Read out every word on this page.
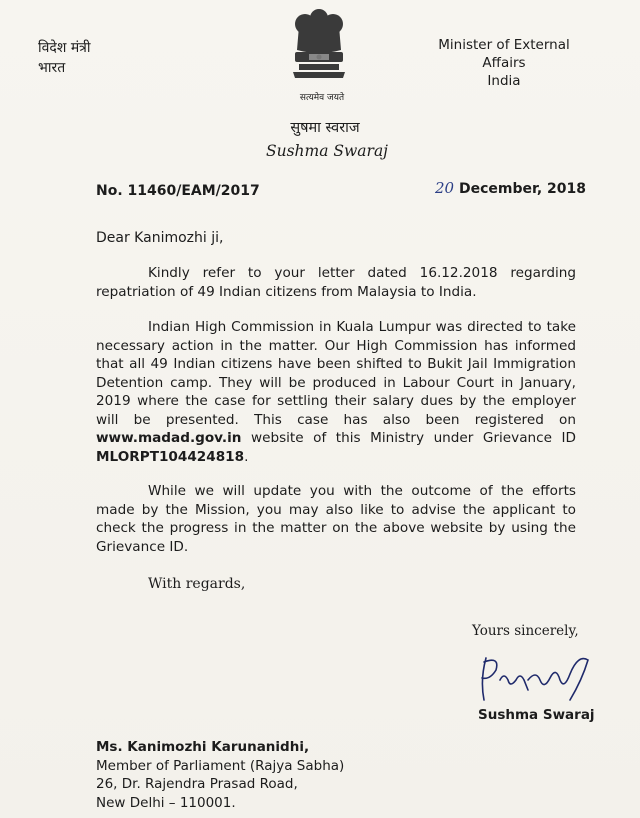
विदेश मंत्री
भारत
सत्यमेव जयते
Minister of External Affairs
India
सुषमा स्वराज
Sushma Swaraj
No. 11460/EAM/2017	20 December, 2018
Dear Kanimozhi ji,

Kindly refer to your letter dated 16.12.2018 regarding repatriation of 49 Indian citizens from Malaysia to India.

Indian High Commission in Kuala Lumpur was directed to take necessary action in the matter. Our High Commission has informed that all 49 Indian citizens have been shifted to Bukit Jail Immigration Detention camp. They will be produced in Labour Court in January, 2019 where the case for settling their salary dues by the employer will be presented. This case has also been registered on www.madad.gov.in website of this Ministry under Grievance ID MLORPT104424818.

While we will update you with the outcome of the efforts made by the Mission, you may also like to advise the applicant to check the progress in the matter on the above website by using the Grievance ID.

With regards,
Yours sincerely,
Sushma Swaraj
Ms. Kanimozhi Karunanidhi,
Member of Parliament (Rajya Sabha)
26, Dr. Rajendra Prasad Road,
New Delhi – 110001.
